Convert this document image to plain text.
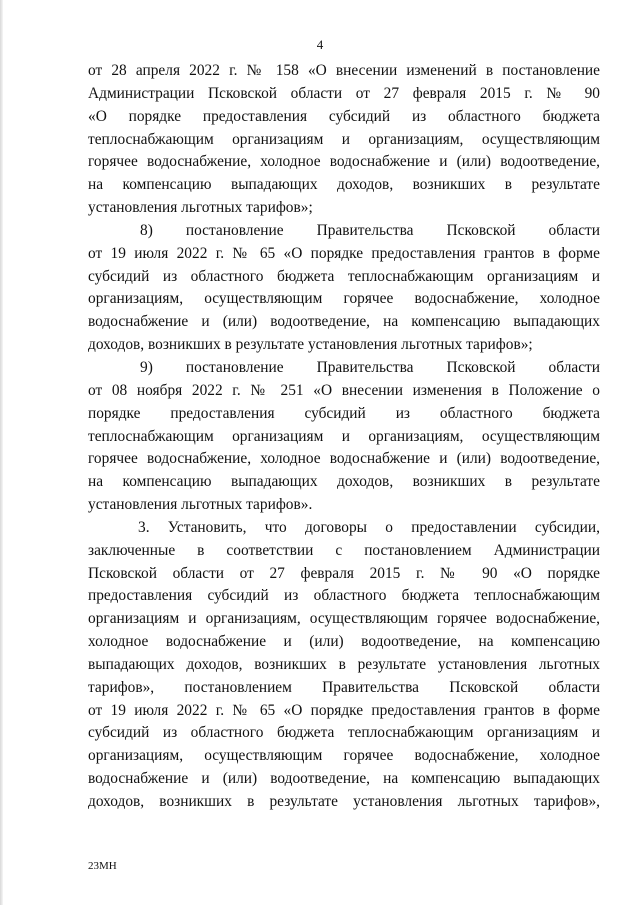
4
от 28 апреля 2022 г. № 158 «О внесении изменений в постановление
Администрации Псковской области от 27 февраля 2015 г. № 90
«О порядке предоставления субсидий из областного бюджета
теплоснабжающим организациям и организациям, осуществляющим
горячее водоснабжение, холодное водоснабжение и (или) водоотведение,
на компенсацию выпадающих доходов, возникших в результате
установления льготных тарифов»;
8) постановление Правительства Псковской области
от 19 июля 2022 г. № 65 «О порядке предоставления грантов в форме
субсидий из областного бюджета теплоснабжающим организациям и
организациям, осуществляющим горячее водоснабжение, холодное
водоснабжение и (или) водоотведение, на компенсацию выпадающих
доходов, возникших в результате установления льготных тарифов»;
9) постановление Правительства Псковской области
от 08 ноября 2022 г. № 251 «О внесении изменения в Положение о
порядке предоставления субсидий из областного бюджета
теплоснабжающим организациям и организациям, осуществляющим
горячее водоснабжение, холодное водоснабжение и (или) водоотведение,
на компенсацию выпадающих доходов, возникших в результате
установления льготных тарифов».
3. Установить, что договоры о предоставлении субсидии,
заключенные в соответствии с постановлением Администрации
Псковской области от 27 февраля 2015 г. № 90 «О порядке
предоставления субсидий из областного бюджета теплоснабжающим
организациям и организациям, осуществляющим горячее водоснабжение,
холодное водоснабжение и (или) водоотведение, на компенсацию
выпадающих доходов, возникших в результате установления льготных
тарифов», постановлением Правительства Псковской области
от 19 июля 2022 г. № 65 «О порядке предоставления грантов в форме
субсидий из областного бюджета теплоснабжающим организациям и
организациям, осуществляющим горячее водоснабжение, холодное
водоснабжение и (или) водоотведение, на компенсацию выпадающих
доходов, возникших в результате установления льготных тарифов»,
23МН
